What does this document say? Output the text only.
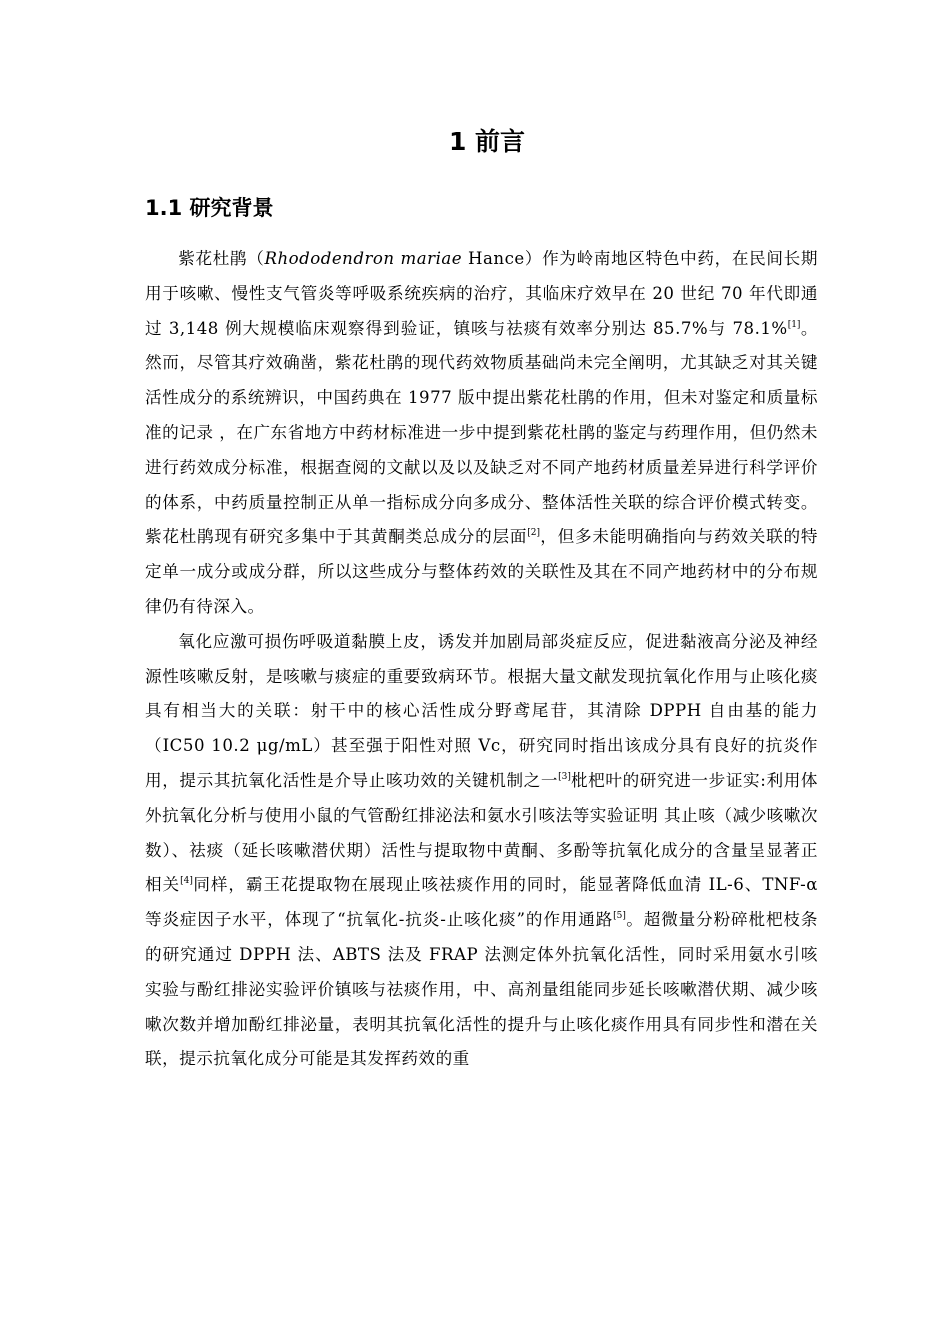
1 前言
1.1 研究背景

紫花杜鹃（Rhododendron mariae Hance）作为岭南地区特色中药，在民间长期用于咳嗽、慢性支气管炎等呼吸系统疾病的治疗，其临床疗效早在 20 世纪 70 年代即通过 3,148 例大规模临床观察得到验证，镇咳与祛痰有效率分别达 85.7%与 78.1%[1]。然而，尽管其疗效确凿，紫花杜鹃的现代药效物质基础尚未完全阐明，尤其缺乏对其关键活性成分的系统辨识，中国药典在 1977 版中提出紫花杜鹃的作用，但未对鉴定和质量标准的记录 ，在广东省地方中药材标准进一步中提到紫花杜鹃的鉴定与药理作用，但仍然未进行药效成分标准，根据查阅的文献以及以及缺乏对不同产地药材质量差异进行科学评价的体系，中药质量控制正从单一指标成分向多成分、整体活性关联的综合评价模式转变。紫花杜鹃现有研究多集中于其黄酮类总成分的层面[2]，但多未能明确指向与药效关联的特定单一成分或成分群，所以这些成分与整体药效的关联性及其在不同产地药材中的分布规律仍有待深入。

氧化应激可损伤呼吸道黏膜上皮，诱发并加剧局部炎症反应，促进黏液高分泌及神经源性咳嗽反射，是咳嗽与痰症的重要致病环节。根据大量文献发现抗氧化作用与止咳化痰具有相当大的关联：射干中的核心活性成分野鸢尾苷，其清除 DPPH 自由基的能力（IC50 10.2 μg/mL）甚至强于阳性对照 Vc，研究同时指出该成分具有良好的抗炎作用，提示其抗氧化活性是介导止咳功效的关键机制之一[3]枇杷叶的研究进一步证实:利用体外抗氧化分析与使用小鼠的气管酚红排泌法和氨水引咳法等实验证明 其止咳（减少咳嗽次数）、祛痰（延长咳嗽潜伏期）活性与提取物中黄酮、多酚等抗氧化成分的含量呈显著正相关[4]同样，霸王花提取物在展现止咳祛痰作用的同时，能显著降低血清 IL-6、TNF-α 等炎症因子水平，体现了“抗氧化-抗炎-止咳化痰”的作用通路[5]。超微量分粉碎枇杷枝条的研究通过 DPPH 法、ABTS 法及 FRAP 法测定体外抗氧化活性，同时采用氨水引咳实验与酚红排泌实验评价镇咳与祛痰作用，中、高剂量组能同步延长咳嗽潜伏期、减少咳嗽次数并增加酚红排泌量，表明其抗氧化活性的提升与止咳化痰作用具有同步性和潜在关联，提示抗氧化成分可能是其发挥药效的重
